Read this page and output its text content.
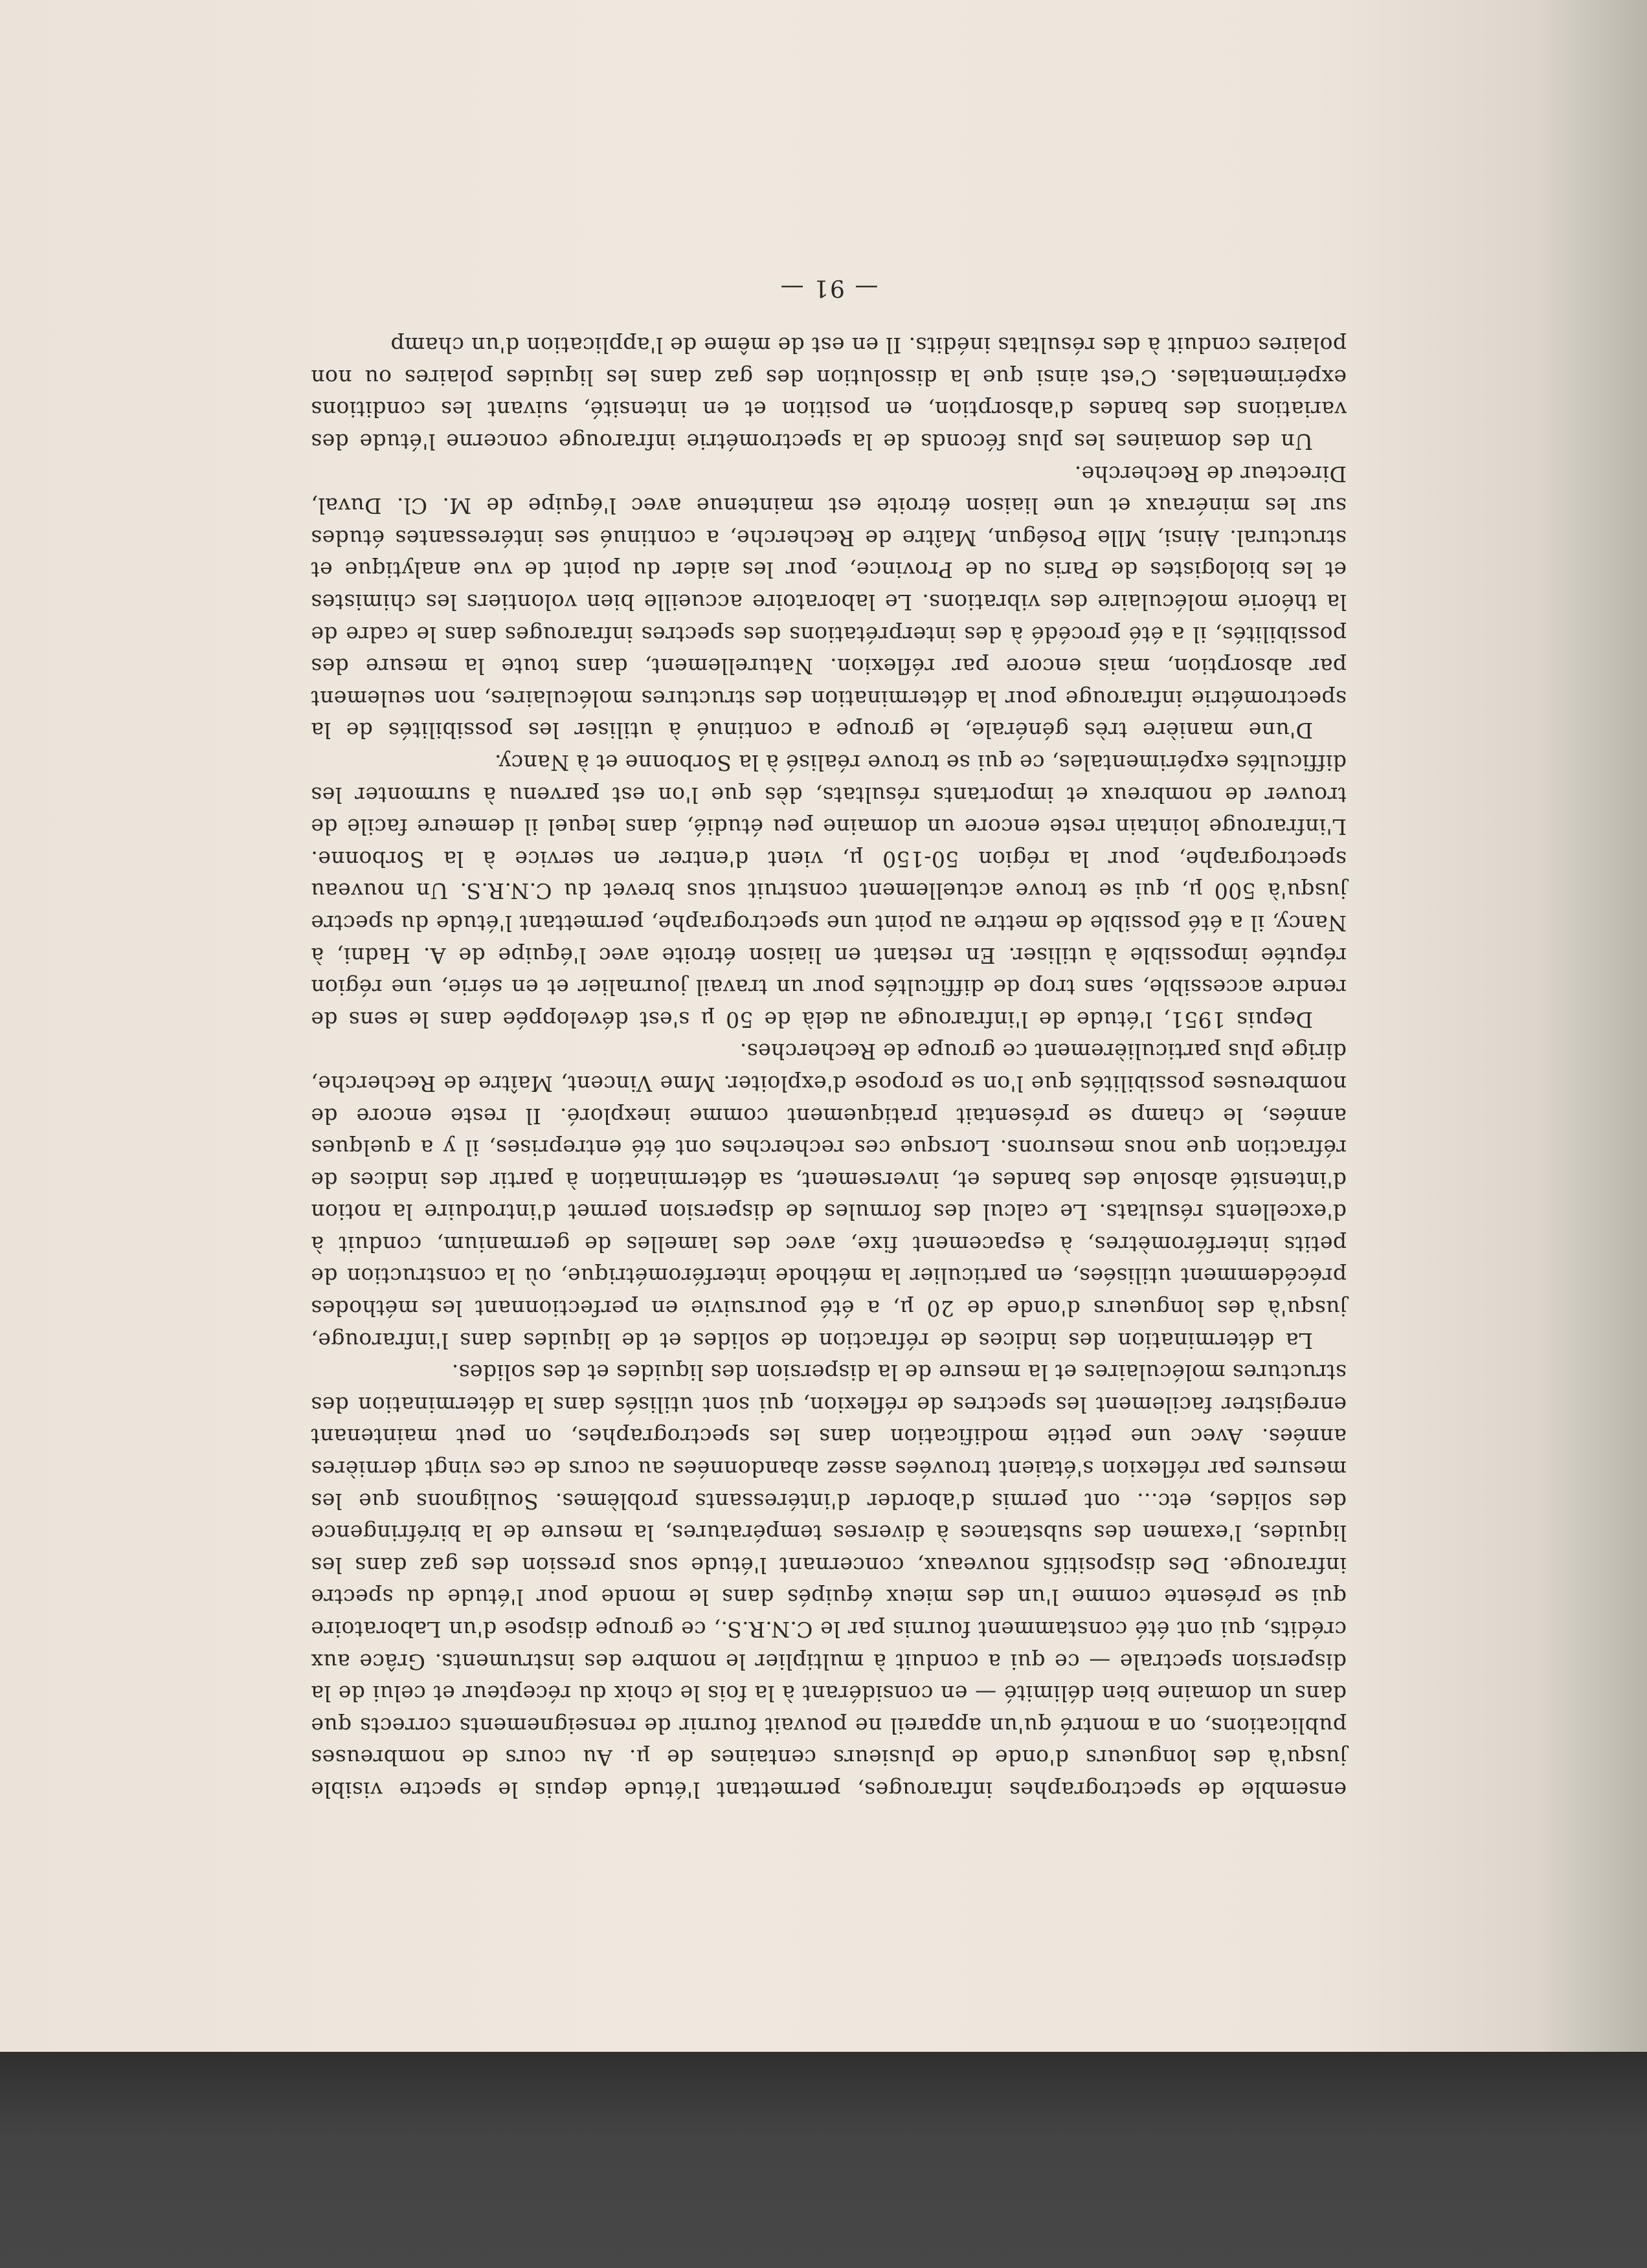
ensemble de spectrographes infrarouges, permettant l'étude depuis le spectre visible jusqu'à des longueurs d'onde de plusieurs centaines de µ. Au cours de nombreuses publications, on a montré qu'un appareil ne pouvait fournir de renseignements corrects que dans un domaine bien délimité — en considérant à la fois le choix du récepteur et celui de la dispersion spectrale — ce qui a conduit à multiplier le nombre des instruments. Grâce aux crédits, qui ont été constamment fournis par le C.N.R.S., ce groupe dispose d'un Laboratoire qui se présente comme l'un des mieux équipés dans le monde pour l'étude du spectre infrarouge. Des dispositifs nouveaux, concernant l'étude sous pression des gaz dans les liquides, l'examen des substances à diverses températures, la mesure de la biréfringence des solides, etc... ont permis d'aborder d'intéressants problèmes. Soulignons que les mesures par réflexion s'étaient trouvées assez abandonnées au cours de ces vingt dernières années. Avec une petite modification dans les spectrographes, on peut maintenant enregistrer facilement les spectres de réflexion, qui sont utilisés dans la détermination des structures moléculaires et la mesure de la dispersion des liquides et des solides.

La détermination des indices de réfraction de solides et de liquides dans l'infrarouge, jusqu'à des longueurs d'onde de 20 µ, a été poursuivie en perfectionnant les méthodes précédemment utilisées, en particulier la méthode interférométrique, où la construction de petits interféromètres, à espacement fixe, avec des lamelles de germanium, conduit à d'excellents résultats. Le calcul des formules de dispersion permet d'introduire la notion d'intensité absolue des bandes et, inversement, sa détermination à partir des indices de réfraction que nous mesurons. Lorsque ces recherches ont été entreprises, il y a quelques années, le champ se présentait pratiquement comme inexploré. Il reste encore de nombreuses possibilités que l'on se propose d'exploiter. Mme Vincent, Maître de Recherche, dirige plus particulièrement ce groupe de Recherches.

Depuis 1951, l'étude de l'infrarouge au delà de 50 µ s'est développée dans le sens de rendre accessible, sans trop de difficultés pour un travail journalier et en série, une région réputée impossible à utiliser. En restant en liaison étroite avec l'équipe de A. Hadni, à Nancy, il a été possible de mettre au point une spectrographe, permettant l'étude du spectre jusqu'à 500 µ, qui se trouve actuellement construit sous brevet du C.N.R.S. Un nouveau spectrographe, pour la région 50-150 µ, vient d'entrer en service à la Sorbonne. L'infrarouge lointain reste encore un domaine peu étudié, dans lequel il demeure facile de trouver de nombreux et importants résultats, dès que l'on est parvenu à surmonter les difficultés expérimentales, ce qui se trouve réalisé à la Sorbonne et à Nancy.

D'une manière très générale, le groupe a continué à utiliser les possibilités de la spectrométrie infrarouge pour la détermination des structures moléculaires, non seulement par absorption, mais encore par réflexion. Naturellement, dans toute la mesure des possibilités, il a été procédé à des interprétations des spectres infrarouges dans le cadre de la théorie moléculaire des vibrations. Le laboratoire accueille bien volontiers les chimistes et les biologistes de Paris ou de Province, pour les aider du point de vue analytique et structural. Ainsi, Mlle Poségun, Maître de Recherche, a continué ses intéressantes études sur les minéraux et une liaison étroite est maintenue avec l'équipe de M. Cl. Duval, Directeur de Recherche.

Un des domaines les plus féconds de la spectrométrie infrarouge concerne l'étude des variations des bandes d'absorption, en position et en intensité, suivant les conditions expérimentales. C'est ainsi que la dissolution des gaz dans les liquides polaires ou non polaires conduit à des résultats inédits. Il en est de même de l'application d'un champ

— 91 —
